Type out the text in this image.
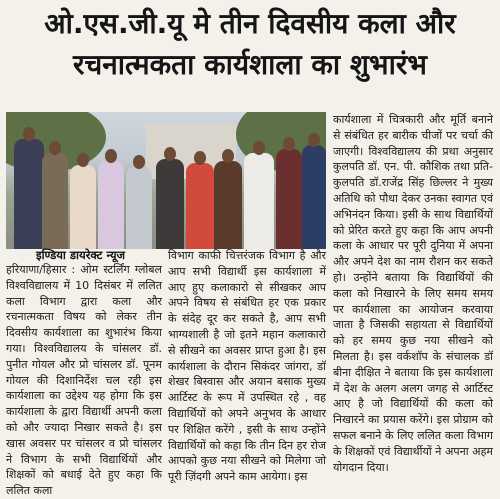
ओ.एस.जी.यू मे तीन दिवसीय कला और
रचनात्मकता कार्यशाला का शुभारंभ
इण्डिया डायरेक्ट न्यूज

हरियाणा/हिसार : ओम स्टर्लिंग ग्लोबल विश्वविद्यालय में 10 दिसंबर में ललित कला विभाग द्वारा कला और रचनात्मकता विषय को लेकर तीन दिवसीय कार्यशाला का शुभारंभ किया गया। विश्वविद्यालय के चांसलर डॉ. पुनीत गोयल और प्रो चांसलर डॉ. पूनम गोयल की दिशानिर्देश चल रही इस कार्यशाला का उद्देश्य यह होगा कि इस कार्यशाला के द्वारा विद्यार्थी अपनी कला को और ज्यादा निखार सकते है। इस खास अवसर पर चांसलर व प्रो चांसलर ने विभाग के सभी विद्यार्थियों और शिक्षकों को बधाई देते हुए कहा कि ललित कला

विभाग काफी चित्तरंजक विभाग है और आप सभी विद्यार्थी इस कार्यशाला में आए हुए कलाकारो से सीखकर आप अपने विषय से संबंधित हर एक प्रकार के संदेह दूर कर सकते है, आप सभी भाग्यशाली है जो इतने महान कलाकारो से सीखने का अवसर प्राप्त हुआ है। इस कार्यशाला के दौरान सिकंदर जांगरा, डॉ शेखर बिस्वास और अयान बसाक मुख्य आर्टिस्ट के रूप में उपस्थित रहे , वह विद्यार्थियों को अपने अनुभव के आधार पर शिक्षित करेंगे , इसी के साथ उन्होंने विद्यार्थियों को कहा कि तीन दिन हर रोज आपको कुछ नया सीखने को मिलेगा जो पूरी ज़िंदगी अपने काम आयेगा। इस

कार्यशाला में चित्रकारी और मूर्ति बनाने से संबंधित हर बारीक चीजों पर चर्चा की जाएगी। विश्वविद्यालय की प्रथा अनुसार कुलपति डॉ. एन. पी. कौशिक तथा प्रति-कुलपति डॉ.राजेंद्र सिंह छिल्लर ने मुख्य अतिथि को पौधा देकर उनका स्वागत एवं अभिनंदन किया। इसी के साथ विद्यार्थियों को प्रेरित करते हुए कहा कि आप अपनी कला के आधार पर पूरी दुनिया में अपना और अपने देश का नाम रौशन कर सकते हो। उन्होंने बताया कि विद्यार्थियों की कला को निखारने के लिए समय समय पर कार्यशाला का आयोजन करवाया जाता है जिसकी सहायता से विद्यार्थियों को हर समय कुछ नया सीखने को मिलता है। इस वर्कशॉप के संचालक डॉ बीना दीक्षित ने बताया कि इस कार्यशाला में देश के अलग अलग जगह से आर्टिस्ट आए है जो विद्यार्थियों की कला को निखारने का प्रयास करेंगे। इस प्रोग्राम को सफल बनाने के लिए ललित कला विभाग के शिक्षकों एवं विद्यार्थीयों ने अपना अहम योगदान दिया।
